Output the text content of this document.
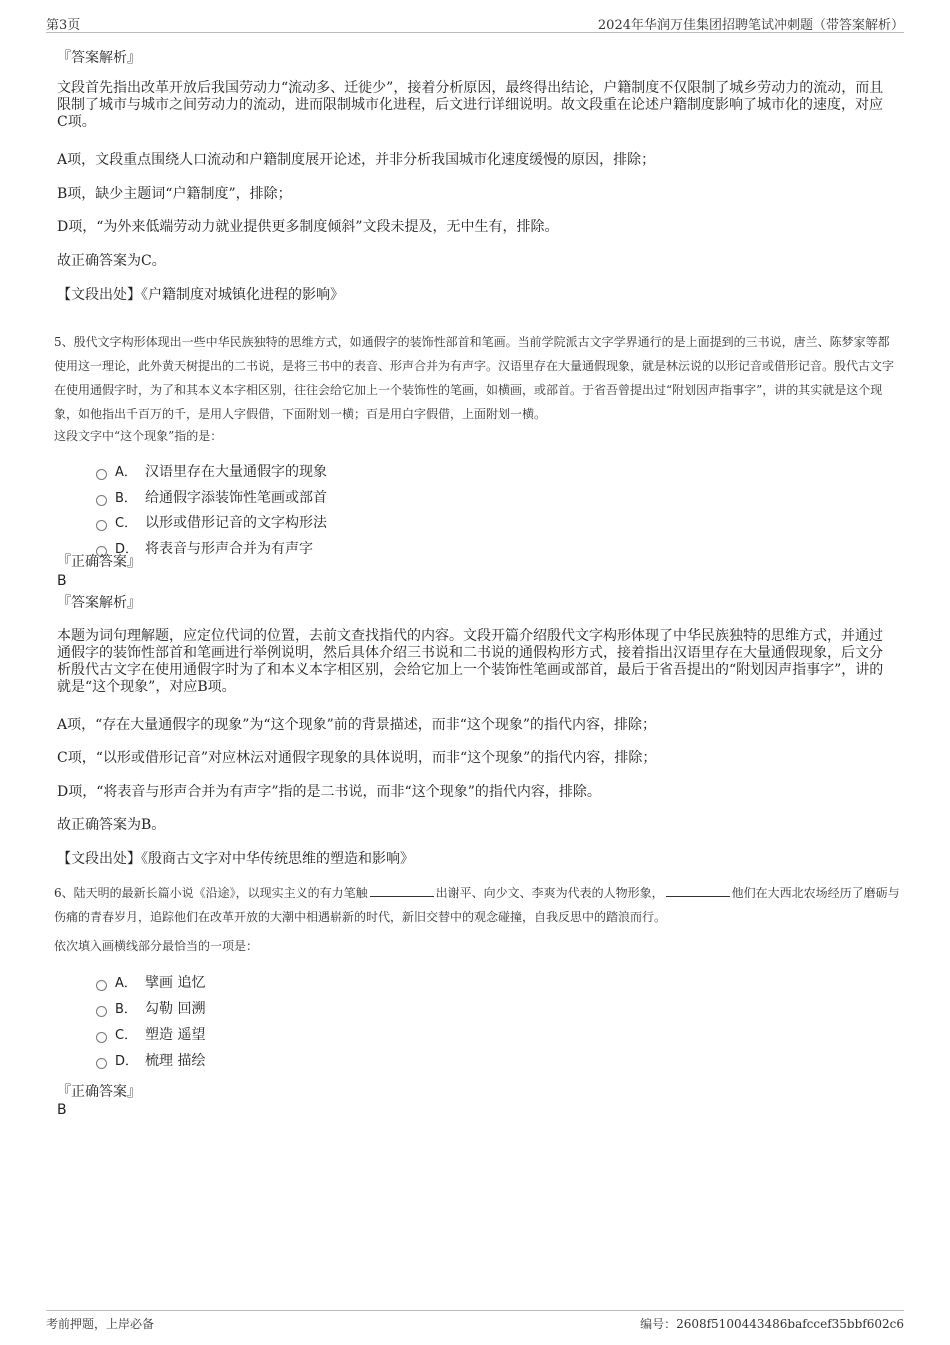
第3页	2024年华润万佳集团招聘笔试冲刺题（带答案解析）
『答案解析』
文段首先指出改革开放后我国劳动力“流动多、迁徙少”，接着分析原因，最终得出结论，户籍制度不仅限制了城乡劳动力的流动，而且限制了城市与城市之间劳动力的流动，进而限制城市化进程，后文进行详细说明。故文段重在论述户籍制度影响了城市化的速度，对应C项。
A项，文段重点围绕人口流动和户籍制度展开论述，并非分析我国城市化速度缓慢的原因，排除；
B项，缺少主题词“户籍制度”，排除；
D项，“为外来低端劳动力就业提供更多制度倾斜”文段未提及，无中生有，排除。
故正确答案为C。
【文段出处】《户籍制度对城镇化进程的影响》
5、殷代文字构形体现出一些中华民族独特的思维方式，如通假字的装饰性部首和笔画。当前学院派古文字学界通行的是上面提到的三书说，唐兰、陈梦家等都使用这一理论，此外黄天树提出的二书说，是将三书中的表音、形声合并为有声字。汉语里存在大量通假现象，就是林沄说的以形记音或借形记音。殷代古文字在使用通假字时，为了和其本义本字相区别，往往会给它加上一个装饰性的笔画，如横画，或部首。于省吾曾提出过“附划因声指事字”，讲的其实就是这个现象，如他指出千百万的千，是用人字假借，下面附划一横；百是用白字假借，上面附划一横。
这段文字中“这个现象”指的是：
A． 汉语里存在大量通假字的现象
B． 给通假字添装饰性笔画或部首
C． 以形或借形记音的文字构形法
D． 将表音与形声合并为有声字
『正确答案』
B
『答案解析』
本题为词句理解题，应定位代词的位置，去前文查找指代的内容。文段开篇介绍殷代文字构形体现了中华民族独特的思维方式，并通过通假字的装饰性部首和笔画进行举例说明，然后具体介绍三书说和二书说的通假构形方式，接着指出汉语里存在大量通假现象，后文分析殷代古文字在使用通假字时为了和本义本字相区别，会给它加上一个装饰性笔画或部首，最后于省吾提出的“附划因声指事字”，讲的就是“这个现象”，对应B项。
A项，“存在大量通假字的现象”为“这个现象”前的背景描述，而非“这个现象”的指代内容，排除；
C项，“以形或借形记音”对应林沄对通假字现象的具体说明，而非“这个现象”的指代内容，排除；
D项，“将表音与形声合并为有声字”指的是二书说，而非“这个现象”的指代内容，排除。
故正确答案为B。
【文段出处】《殷商古文字对中华传统思维的塑造和影响》
6、陆天明的最新长篇小说《沿途》，以现实主义的有力笔触	出谢平、向少文、李爽为代表的人物形象，	他们在大西北农场经历了磨砺与伤痛的青春岁月，追踪他们在改革开放的大潮中相遇崭新的时代，新旧交替中的观念碰撞，自我反思中的踏浪而行。
依次填入画横线部分最恰当的一项是：
A． 擘画 追忆
B． 勾勒 回溯
C． 塑造 遥望
D． 梳理 描绘
『正确答案』
B
考前押题，上岸必备	编号：2608f5100443486bafccef35bbf602c6
